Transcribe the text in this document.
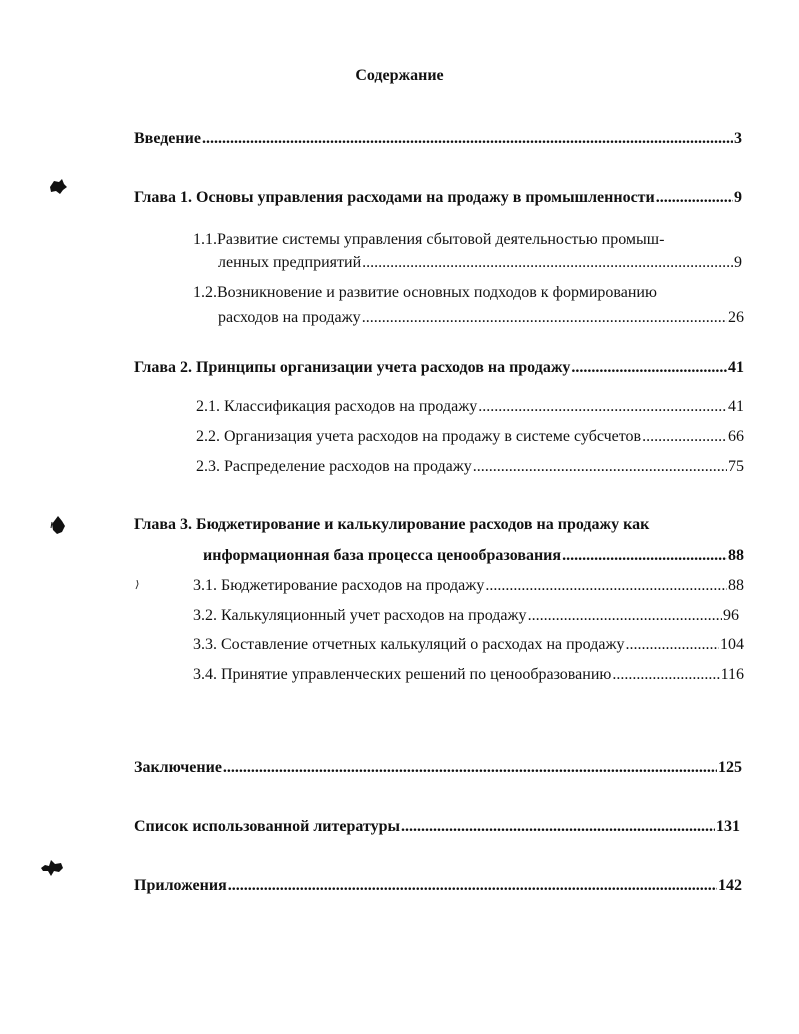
Содержание
Введение . . .	3
Глава 1. Основы управления расходами на продажу в промышленности . . .	9
1.1.Развитие системы управления сбытовой деятельностью промыш-
ленных предприятий . . .	9
1.2.Возникновение и развитие основных подходов к формированию
расходов на продажу . . .	26
Глава 2. Принципы организации учета расходов на продажу . . .	41
2.1. Классификация расходов на продажу . . .	41
2.2. Организация учета расходов на продажу в системе субсчетов . . .	66
2.3. Распределение расходов на продажу . . .	75
Глава 3. Бюджетирование и калькулирование расходов на продажу как
информационная база процесса ценообразования . . .	88
3.1. Бюджетирование расходов на продажу . . .	88
3.2. Калькуляционный учет расходов на продажу . . .	96
3.3. Составление отчетных калькуляций о расходах на продажу . . .	104
3.4. Принятие управленческих решений по ценообразованию . . .	116
Заключение . . .	125
Список использованной литературы . . .	131
Приложения . . .	142
